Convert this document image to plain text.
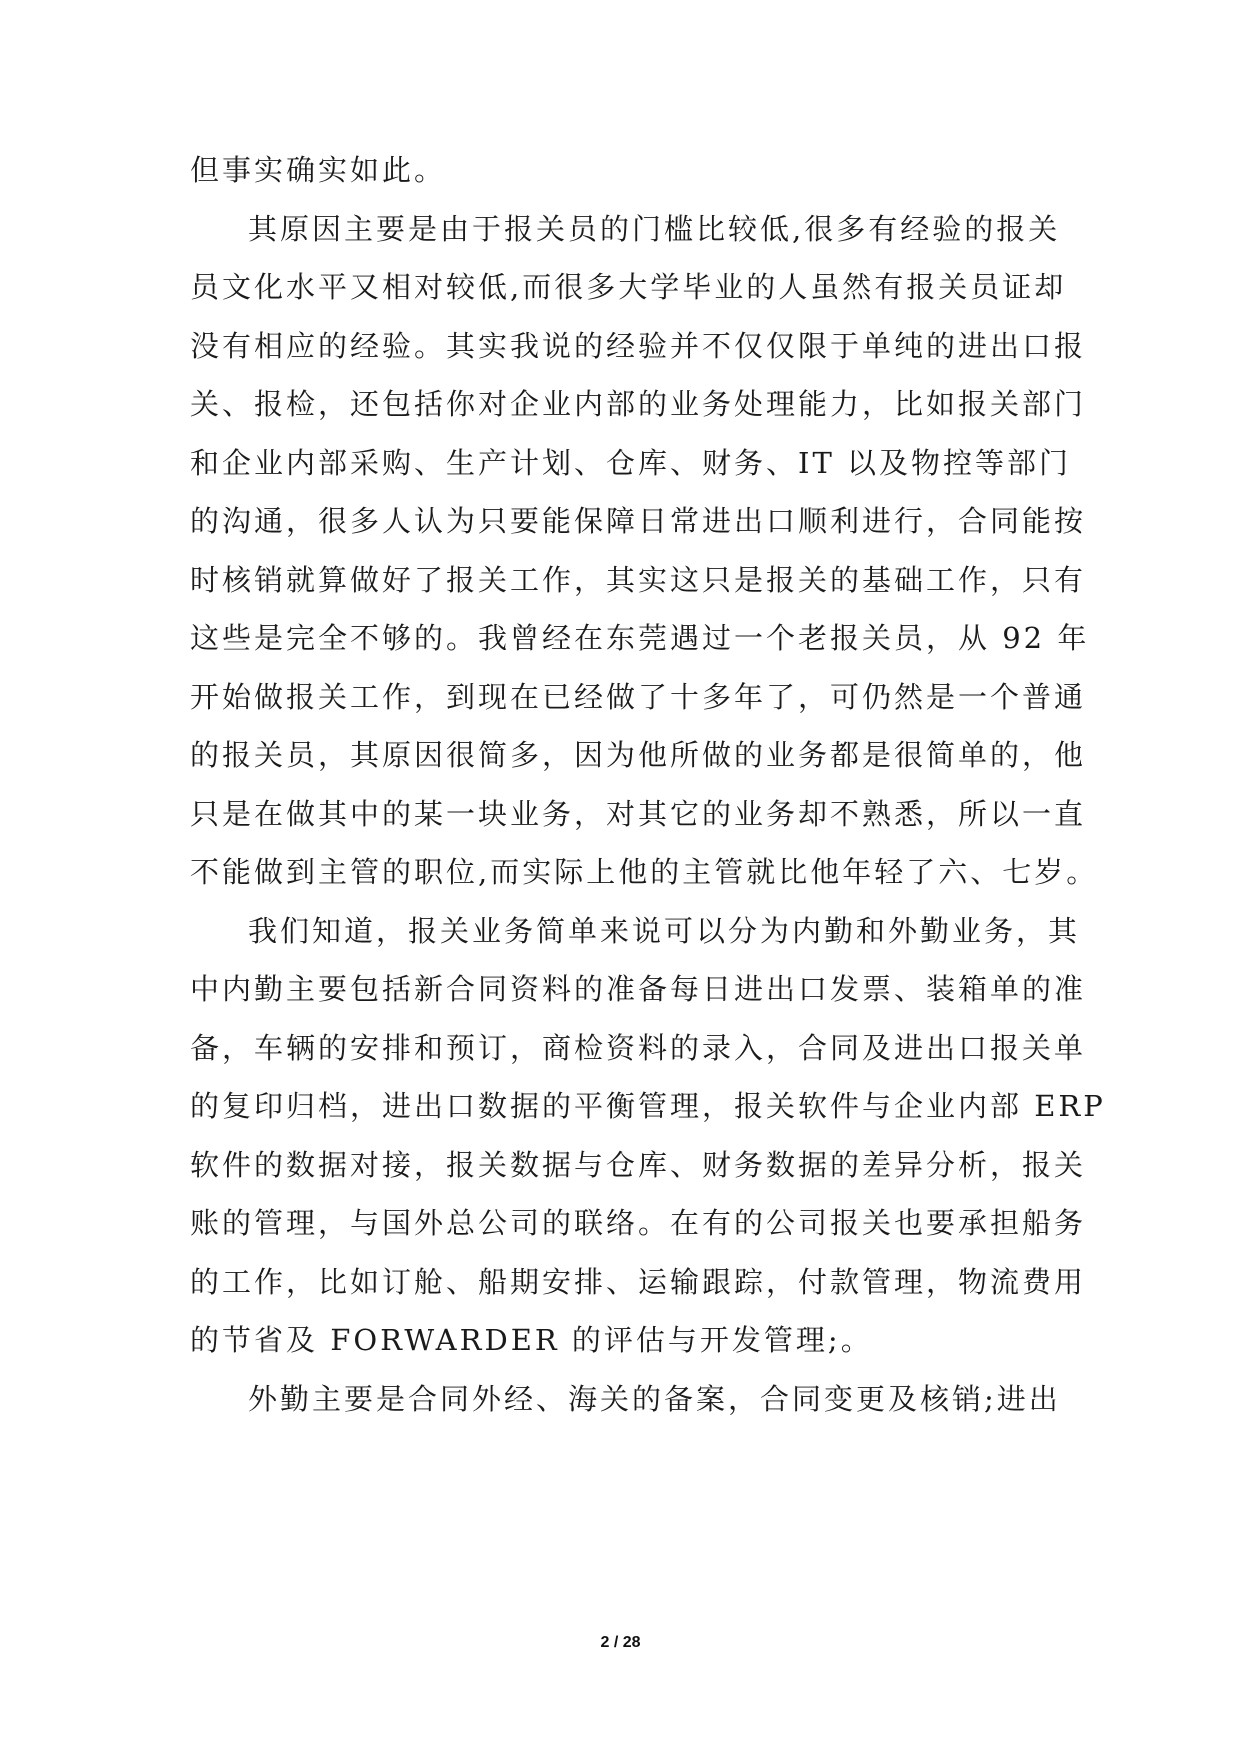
但事实确实如此。
其原因主要是由于报关员的门槛比较低,很多有经验的报关
员文化水平又相对较低,而很多大学毕业的人虽然有报关员证却
没有相应的经验。其实我说的经验并不仅仅限于单纯的进出口报
关、报检，还包括你对企业内部的业务处理能力，比如报关部门
和企业内部采购、生产计划、仓库、财务、IT 以及物控等部门
的沟通，很多人认为只要能保障日常进出口顺利进行，合同能按
时核销就算做好了报关工作，其实这只是报关的基础工作，只有
这些是完全不够的。我曾经在东莞遇过一个老报关员，从 92 年
开始做报关工作，到现在已经做了十多年了，可仍然是一个普通
的报关员，其原因很简多，因为他所做的业务都是很简单的，他
只是在做其中的某一块业务，对其它的业务却不熟悉，所以一直
不能做到主管的职位,而实际上他的主管就比他年轻了六、七岁。
我们知道，报关业务简单来说可以分为内勤和外勤业务，其
中内勤主要包括新合同资料的准备每日进出口发票、装箱单的准
备，车辆的安排和预订，商检资料的录入，合同及进出口报关单
的复印归档，进出口数据的平衡管理，报关软件与企业内部 ERP
软件的数据对接，报关数据与仓库、财务数据的差异分析，报关
账的管理，与国外总公司的联络。在有的公司报关也要承担船务
的工作，比如订舱、船期安排、运输跟踪，付款管理，物流费用
的节省及 FORWARDER 的评估与开发管理;。
外勤主要是合同外经、海关的备案，合同变更及核销;进出
2 / 28
